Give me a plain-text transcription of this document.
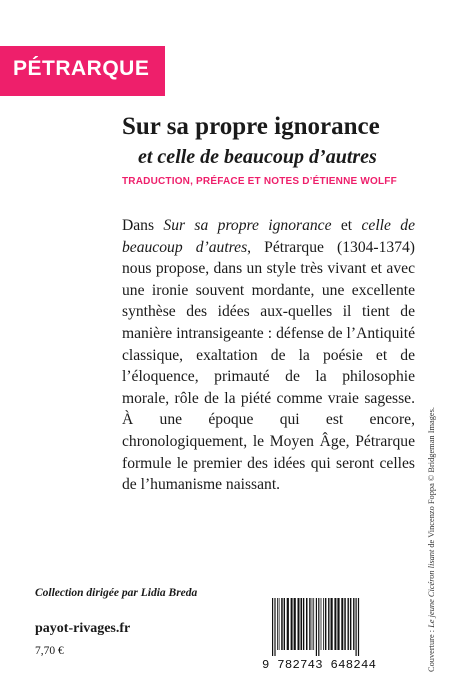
PÉTRARQUE
Sur sa propre ignorance
et celle de beaucoup d’autres
TRADUCTION, PRÉFACE ET NOTES D’ÉTIENNE WOLFF

Dans Sur sa propre ignorance et celle de beaucoup d’autres, Pétrarque (1304-1374) nous propose, dans un style très vivant et avec une ironie souvent mordante, une excellente synthèse des idées aux-quelles il tient de manière intransigeante : défense de l’Antiquité classique, exaltation de la poésie et de l’éloquence, primauté de la philosophie morale, rôle de la piété comme vraie sagesse. À une époque qui est encore, chronologiquement, le Moyen Âge, Pétrarque formule le premier des idées qui seront celles de l’humanisme naissant.

Collection dirigée par Lidia Breda
payot-rivages.fr
7,70 €	Couverture : Le jeune Cicéron lisant de Vincenzo Foppa © Bridgeman Images.
9 782743 648244
